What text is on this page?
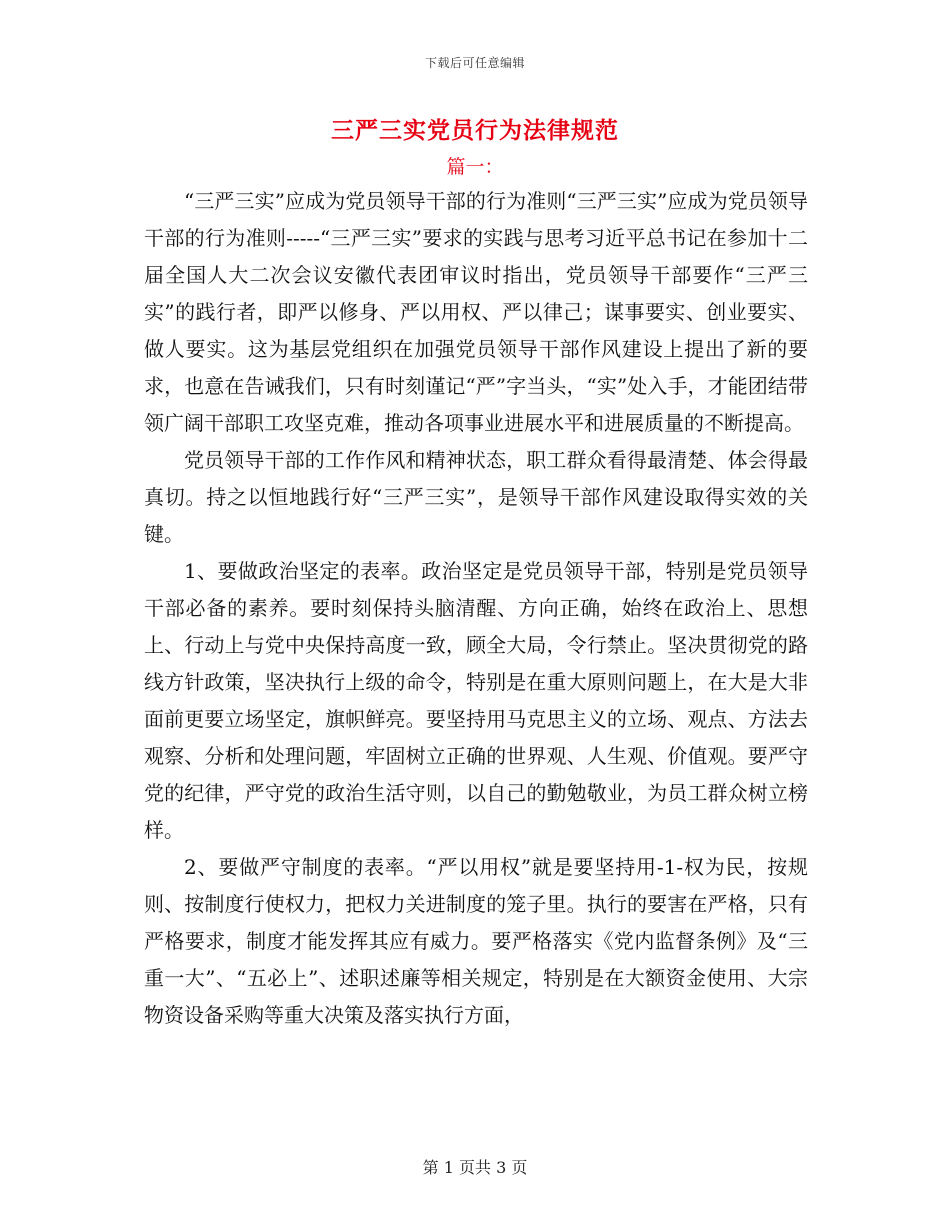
下载后可任意编辑
三严三实党员行为法律规范
篇一：

“三严三实”应成为党员领导干部的行为准则“三严三实”应成为党员领导干部的行为准则-----“三严三实”要求的实践与思考习近平总书记在参加十二届全国人大二次会议安徽代表团审议时指出，党员领导干部要作“三严三实”的践行者，即严以修身、严以用权、严以律己；谋事要实、创业要实、做人要实。这为基层党组织在加强党员领导干部作风建设上提出了新的要求，也意在告诫我们，只有时刻谨记“严”字当头，“实”处入手，才能团结带领广阔干部职工攻坚克难，推动各项事业进展水平和进展质量的不断提高。

党员领导干部的工作作风和精神状态，职工群众看得最清楚、体会得最真切。持之以恒地践行好“三严三实”，是领导干部作风建设取得实效的关键。

1、要做政治坚定的表率。政治坚定是党员领导干部，特别是党员领导干部必备的素养。要时刻保持头脑清醒、方向正确，始终在政治上、思想上、行动上与党中央保持高度一致，顾全大局，令行禁止。坚决贯彻党的路线方针政策，坚决执行上级的命令，特别是在重大原则问题上，在大是大非面前更要立场坚定，旗帜鲜亮。要坚持用马克思主义的立场、观点、方法去观察、分析和处理问题，牢固树立正确的世界观、人生观、价值观。要严守党的纪律，严守党的政治生活守则，以自己的勤勉敬业，为员工群众树立榜样。

2、要做严守制度的表率。“严以用权”就是要坚持用-1-权为民，按规则、按制度行使权力，把权力关进制度的笼子里。执行的要害在严格，只有严格要求，制度才能发挥其应有威力。要严格落实《党内监督条例》及“三重一大”、“五必上”、述职述廉等相关规定，特别是在大额资金使用、大宗物资设备采购等重大决策及落实执行方面，

第 1 页共 3 页
